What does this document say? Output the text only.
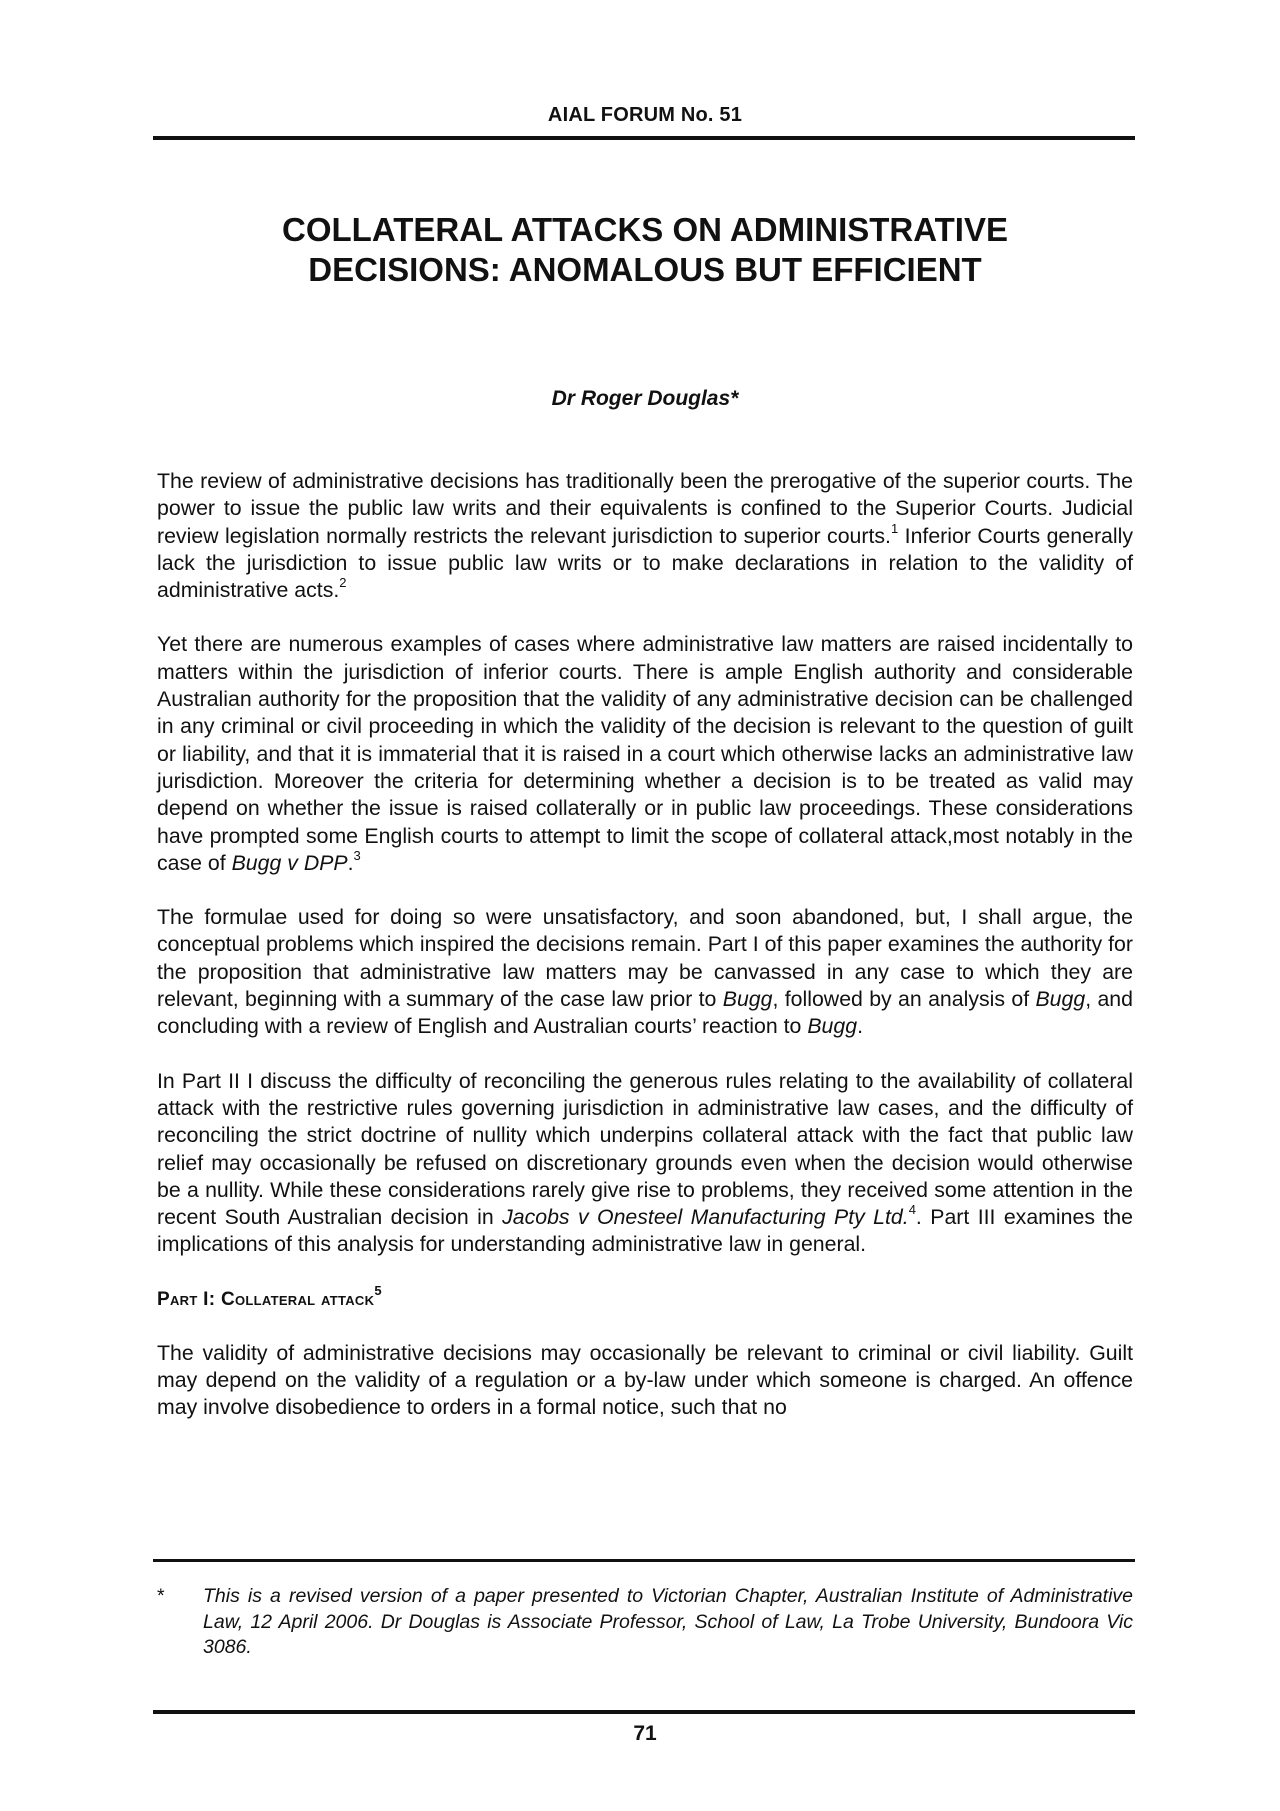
AIAL FORUM No. 51
COLLATERAL ATTACKS ON ADMINISTRATIVE
DECISIONS: ANOMALOUS BUT EFFICIENT
Dr Roger Douglas*

The review of administrative decisions has traditionally been the prerogative of the superior courts. The power to issue the public law writs and their equivalents is confined to the Superior Courts. Judicial review legislation normally restricts the relevant jurisdiction to superior courts.$^1$ Inferior Courts generally lack the jurisdiction to issue public law writs or to make declarations in relation to the validity of administrative acts.$^2$

Yet there are numerous examples of cases where administrative law matters are raised incidentally to matters within the jurisdiction of inferior courts. There is ample English authority and considerable Australian authority for the proposition that the validity of any administrative decision can be challenged in any criminal or civil proceeding in which the validity of the decision is relevant to the question of guilt or liability, and that it is immaterial that it is raised in a court which otherwise lacks an administrative law jurisdiction. Moreover the criteria for determining whether a decision is to be treated as valid may depend on whether the issue is raised collaterally or in public law proceedings. These considerations have prompted some English courts to attempt to limit the scope of collateral attack,most notably in the case of Bugg v DPP.$^3$

The formulae used for doing so were unsatisfactory, and soon abandoned, but, I shall argue, the conceptual problems which inspired the decisions remain. Part I of this paper examines the authority for the proposition that administrative law matters may be canvassed in any case to which they are relevant, beginning with a summary of the case law prior to Bugg, followed by an analysis of Bugg, and concluding with a review of English and Australian courts’ reaction to Bugg.

In Part II I discuss the difficulty of reconciling the generous rules relating to the availability of collateral attack with the restrictive rules governing jurisdiction in administrative law cases, and the difficulty of reconciling the strict doctrine of nullity which underpins collateral attack with the fact that public law relief may occasionally be refused on discretionary grounds even when the decision would otherwise be a nullity. While these considerations rarely give rise to problems, they received some attention in the recent South Australian decision in Jacobs v Onesteel Manufacturing Pty Ltd.$^4$. Part III examines the implications of this analysis for understanding administrative law in general.

Part I: Collateral attack$^5$

The validity of administrative decisions may occasionally be relevant to criminal or civil liability. Guilt may depend on the validity of a regulation or a by-law under which someone is charged. An offence may involve disobedience to orders in a formal notice, such that no

*	This is a revised version of a paper presented to Victorian Chapter, Australian Institute of Administrative Law, 12 April 2006. Dr Douglas is Associate Professor, School of Law, La Trobe University, Bundoora Vic 3086.
71
